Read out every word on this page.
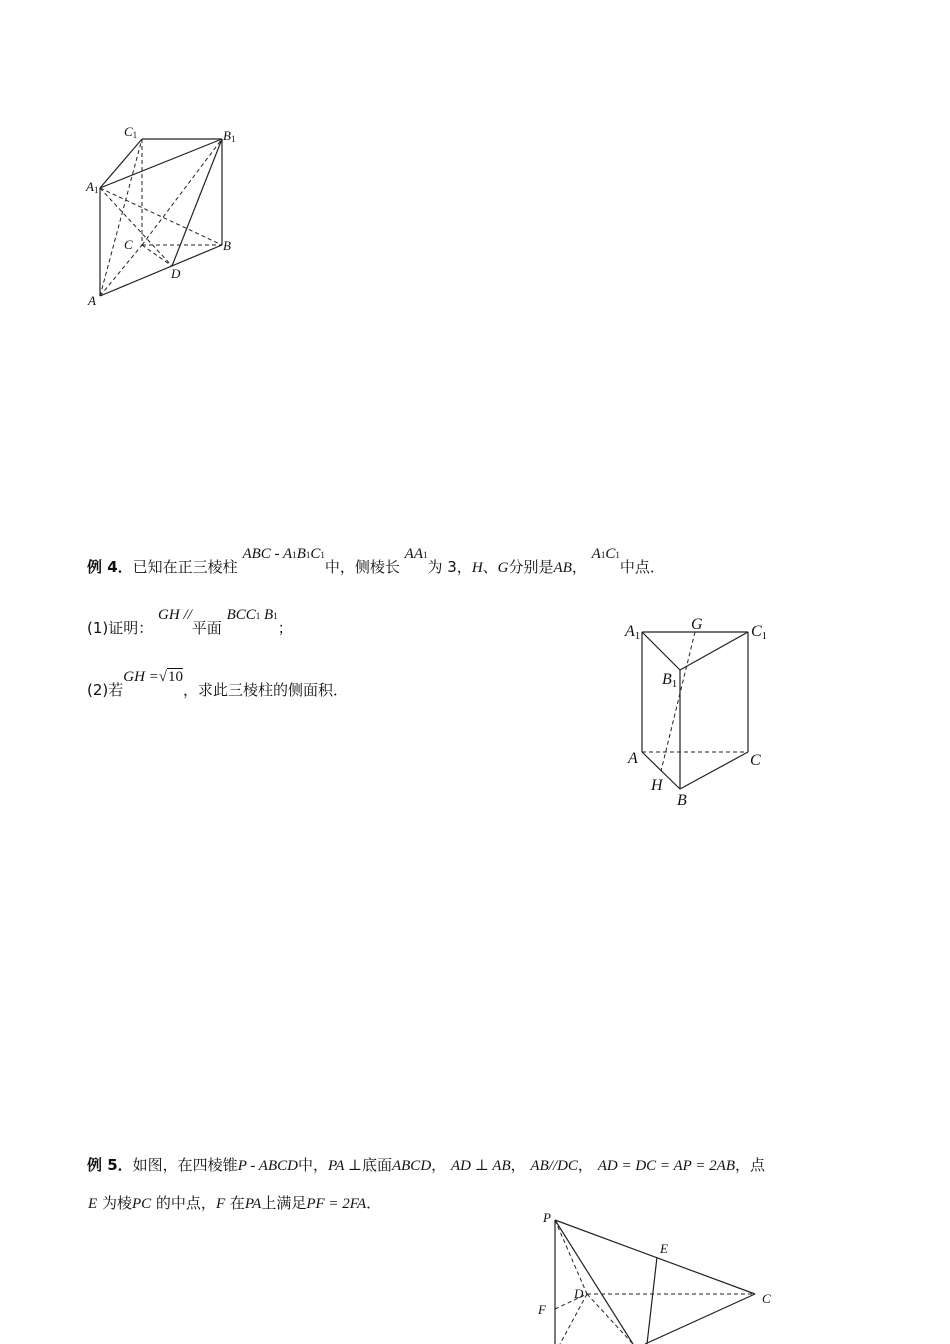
C1	B1
A1
C	B
D
A
例 4．已知在正三棱柱 ABC - A1B1C1中，侧棱长 AA1为 3，H、G分别是AB， A1C1中点．
(1)证明： GH //平面 BCC1 B1；
(2)若GH =√10，求此三棱柱的侧面积．
A1
G	C1
B1
A	C
H
B
例 5．如图，在四棱锥P - ABCD中，PA ⊥底面ABCD， AD ⊥ AB， AB//DC， AD = DC = AP = 2AB，点
E 为棱PC 的中点，F 在PA上满足PF = 2FA．
P
E
F
D	C
